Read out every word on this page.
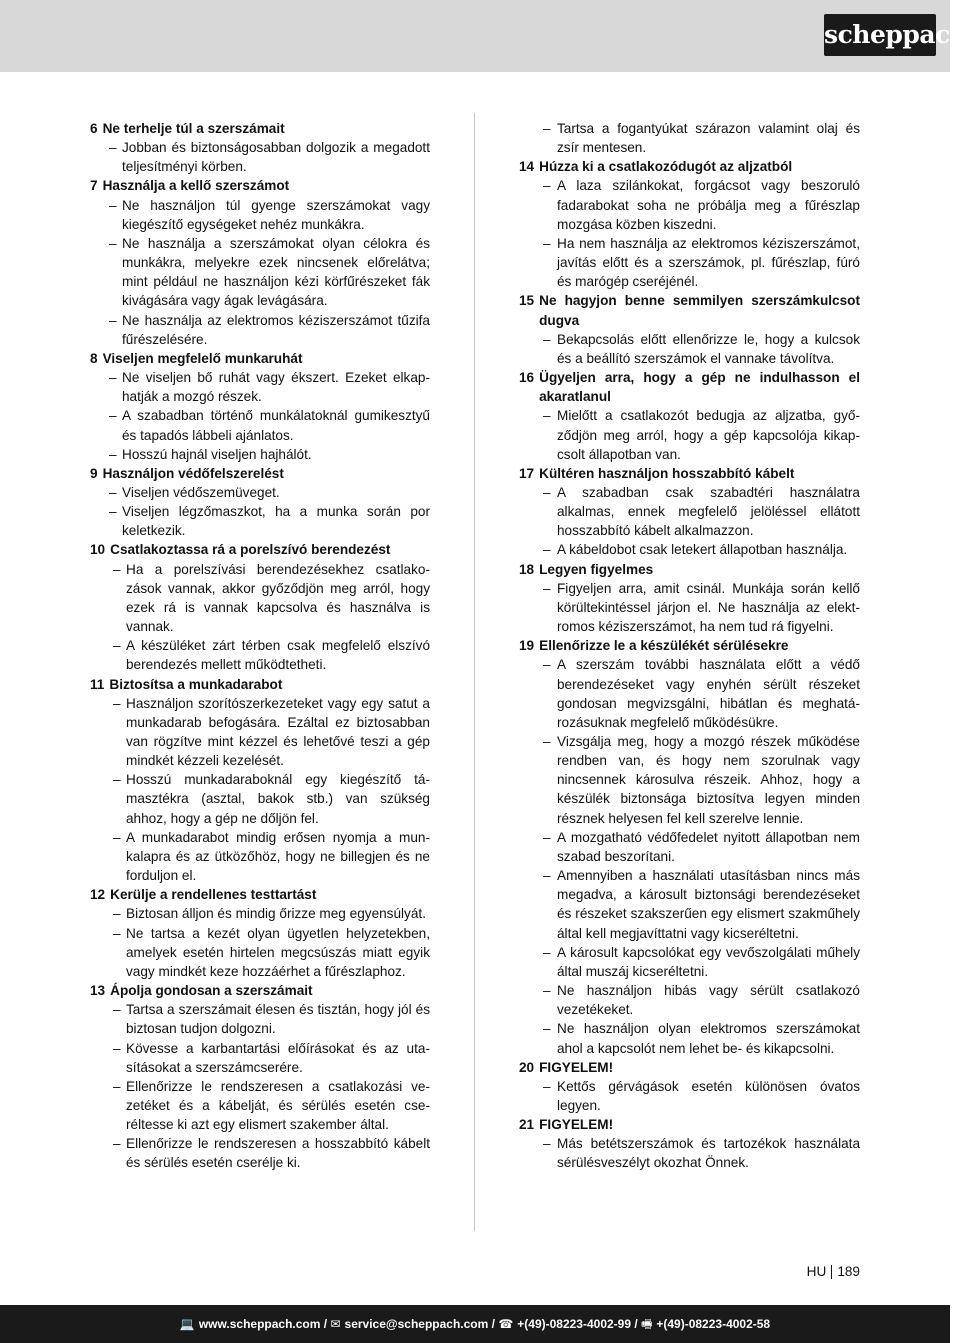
scheppach
6 Ne terhelje túl a szerszámait
– Jobban és biztonságosabban dolgozik a megadott teljesítményi körben.
7 Használja a kellő szerszámot
– Ne használjon túl gyenge szerszámokat vagy kiegészítő egységeket nehéz munkákra.
– Ne használja a szerszámokat olyan célokra és munkákra, melyekre ezek nincsenek előrelátva; mint például ne használjon kézi körfűrészeket fák kivágására vagy ágak levágására.
– Ne használja az elektromos kéziszerszámot tűzifa fűrészelésére.
8 Viseljen megfelelő munkaruhát
– Ne viseljen bő ruhát vagy ékszert. Ezeket elkaphatják a mozgó részek.
– A szabadban történő munkálatoknál gumikesztyű és tapadós lábbeli ajánlatos.
– Hosszú hajnál viseljen hajhálót.
9 Használjon védőfelszerelést
– Viseljen védőszemüveget.
– Viseljen légzőmaszkot, ha a munka során por keletkezik.
10 Csatlakoztassa rá a porelszívó berendezést
– Ha a porelszívási berendezésekhez csatlakozások vannak, akkor győződjön meg arról, hogy ezek rá is vannak kapcsolva és használva is vannak.
– A készüléket zárt térben csak megfelelő elszívó berendezés mellett működtetheti.
11 Biztosítsa a munkadarabot
– Használjon szorítószerkezeteket vagy egy satut a munkadarab befogására. Ezáltal ez biztosabban van rögzítve mint kézzel és lehetővé teszi a gép mindkét kézzeli kezelését.
– Hosszú munkadaraboknál egy kiegészítő támasztékra (asztal, bakok stb.) van szükség ahhoz, hogy a gép ne dőljön fel.
– A munkadarabot mindig erősen nyomja a munkalapra és az ütközőhöz, hogy ne billegjen és ne forduljon el.
12 Kerülje a rendellenes testtartást
– Biztosan álljon és mindig őrizze meg egyensúlyát.
– Ne tartsa a kezét olyan ügyetlen helyzetekben, amelyek esetén hirtelen megcsúszás miatt egyik vagy mindkét keze hozzáérhet a fűrészlaphoz.
13 Ápolja gondosan a szerszámait
– Tartsa a szerszámait élesen és tisztán, hogy jól és biztosan tudjon dolgozni.
– Kövesse a karbantartási előírásokat és az utasításokat a szerszámcserére.
– Ellenőrizze le rendszeresen a csatlakozási vezetéket és a kábelját, és sérülés esetén cseréltesse ki azt egy elismert szakember által.
– Ellenőrizze le rendszeresen a hosszabbító kábelt és sérülés esetén cserélje ki.
– Tartsa a fogantyúkat szárazon valamint olaj és zsír mentesen.
14 Húzza ki a csatlakozódugót az aljzatból
– A laza szilánkokat, forgácsot vagy beszoruló fadarabokat soha ne próbálja meg a fűrészlap mozgása közben kiszedni.
– Ha nem használja az elektromos kéziszerszámot, javítás előtt és a szerszámok, pl. fűrészlap, fúró és marógép cseréjénél.
15 Ne hagyjon benne semmilyen szerszámkulcsot dugva
– Bekapcsolás előtt ellenőrizze le, hogy a kulcsok és a beállító szerszámok el vannake távolítva.
16 Ügyeljen arra, hogy a gép ne indulhasson el akaratlanul
– Mielőtt a csatlakozót bedugja az aljzatba, győződjön meg arról, hogy a gép kapcsolója kikapcsolt állapotban van.
17 Kültéren használjon hosszabbító kábelt
– A szabadban csak szabadtéri használatra alkalmas, ennek megfelelő jelöléssel ellátott hosszabbító kábelt alkalmazzon.
– A kábeldobot csak letekert állapotban használja.
18 Legyen figyelmes
– Figyeljen arra, amit csinál. Munkája során kellő körültekintéssel járjon el. Ne használja az elektromos kéziszerszámot, ha nem tud rá figyelni.
19 Ellenőrizze le a készülékét sérülésekre
– A szerszám további használata előtt a védő berendezéseket vagy enyhén sérült részeket gondosan megvizsgálni, hibátlan és meghatározásuknak megfelelő működésükre.
– Vizsgálja meg, hogy a mozgó részek működése rendben van, és hogy nem szorulnak vagy nincsennek károsulva részeik. Ahhoz, hogy a készülék biztonsága biztosítva legyen minden résznek helyesen fel kell szerelve lennie.
– A mozgatható védőfedelet nyitott állapotban nem szabad beszorítani.
– Amennyiben a használati utasításban nincs más megadva, a károsult biztonsági berendezéseket és részeket szakszerűen egy elismert szakműhely által kell megjavíttatni vagy kicseréltetni.
– A károsult kapcsolókat egy vevőszolgálati műhely által muszáj kicseréltetni.
– Ne használjon hibás vagy sérült csatlakozó vezetékeket.
– Ne használjon olyan elektromos szerszámokat ahol a kapcsolót nem lehet be- és kikapcsolni.
20 FIGYELEM!
– Kettős gérvágások esetén különösen óvatos legyen.
21 FIGYELEM!
– Más betétszerszámok és tartozékok használata sérülésveszélyt okozhat Önnek.
HU 189
💻 www.scheppach.com / ✉ service@scheppach.com / ☎ +(49)-08223-4002-99 / 🖷 +(49)-08223-4002-58
